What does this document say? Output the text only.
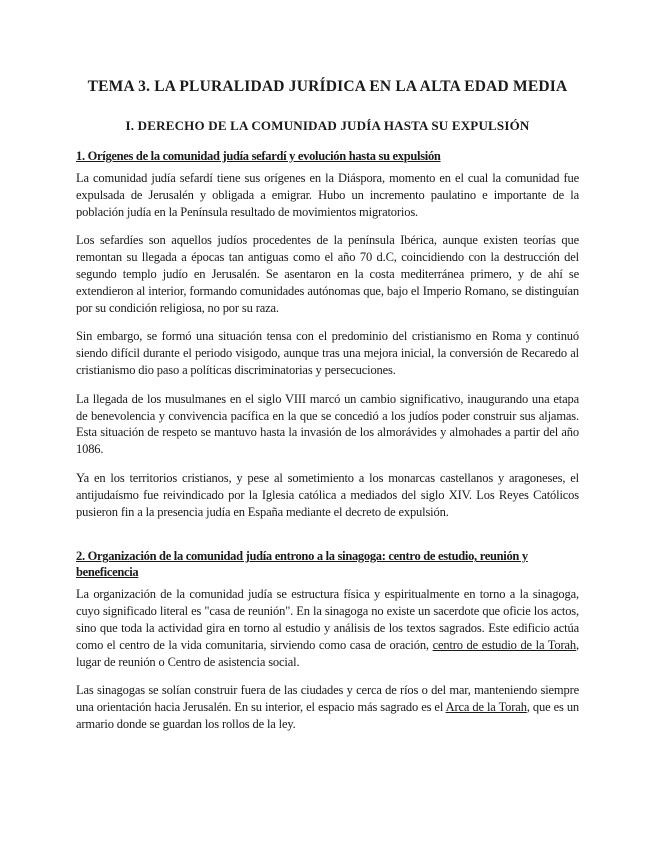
TEMA 3. LA PLURALIDAD JURÍDICA EN LA ALTA EDAD MEDIA
I. DERECHO DE LA COMUNIDAD JUDÍA HASTA SU EXPULSIÓN
1. Orígenes de la comunidad judía sefardí y evolución hasta su expulsión

La comunidad judía sefardí tiene sus orígenes en la Diáspora, momento en el cual la comunidad fue expulsada de Jerusalén y obligada a emigrar. Hubo un incremento paulatino e importante de la población judía en la Península resultado de movimientos migratorios.

Los sefardíes son aquellos judíos procedentes de la península Ibérica, aunque existen teorías que remontan su llegada a épocas tan antiguas como el año 70 d.C, coincidiendo con la destrucción del segundo templo judío en Jerusalén. Se asentaron en la costa mediterránea primero, y de ahí se extendieron al interior, formando comunidades autónomas que, bajo el Imperio Romano, se distinguían por su condición religiosa, no por su raza.

Sin embargo, se formó una situación tensa con el predominio del cristianismo en Roma y continuó siendo difícil durante el periodo visigodo, aunque tras una mejora inicial, la conversión de Recaredo al cristianismo dio paso a políticas discriminatorias y persecuciones.

La llegada de los musulmanes en el siglo VIII marcó un cambio significativo, inaugurando una etapa de benevolencia y convivencia pacífica en la que se concedió a los judíos poder construir sus aljamas. Esta situación de respeto se mantuvo hasta la invasión de los almorávides y almohades a partir del año 1086.

Ya en los territorios cristianos, y pese al sometimiento a los monarcas castellanos y aragoneses, el antijudaísmo fue reivindicado por la Iglesia católica a mediados del siglo XIV. Los Reyes Católicos pusieron fin a la presencia judía en España mediante el decreto de expulsión.

2. Organización de la comunidad judía entrono a la sinagoga: centro de estudio, reunión y beneficencia

La organización de la comunidad judía se estructura física y espiritualmente en torno a la sinagoga, cuyo significado literal es "casa de reunión". En la sinagoga no existe un sacerdote que oficie los actos, sino que toda la actividad gira en torno al estudio y análisis de los textos sagrados. Este edificio actúa como el centro de la vida comunitaria, sirviendo como casa de oración, centro de estudio de la Torah, lugar de reunión o Centro de asistencia social.

Las sinagogas se solían construir fuera de las ciudades y cerca de ríos o del mar, manteniendo siempre una orientación hacia Jerusalén. En su interior, el espacio más sagrado es el Arca de la Torah, que es un armario donde se guardan los rollos de la ley.
